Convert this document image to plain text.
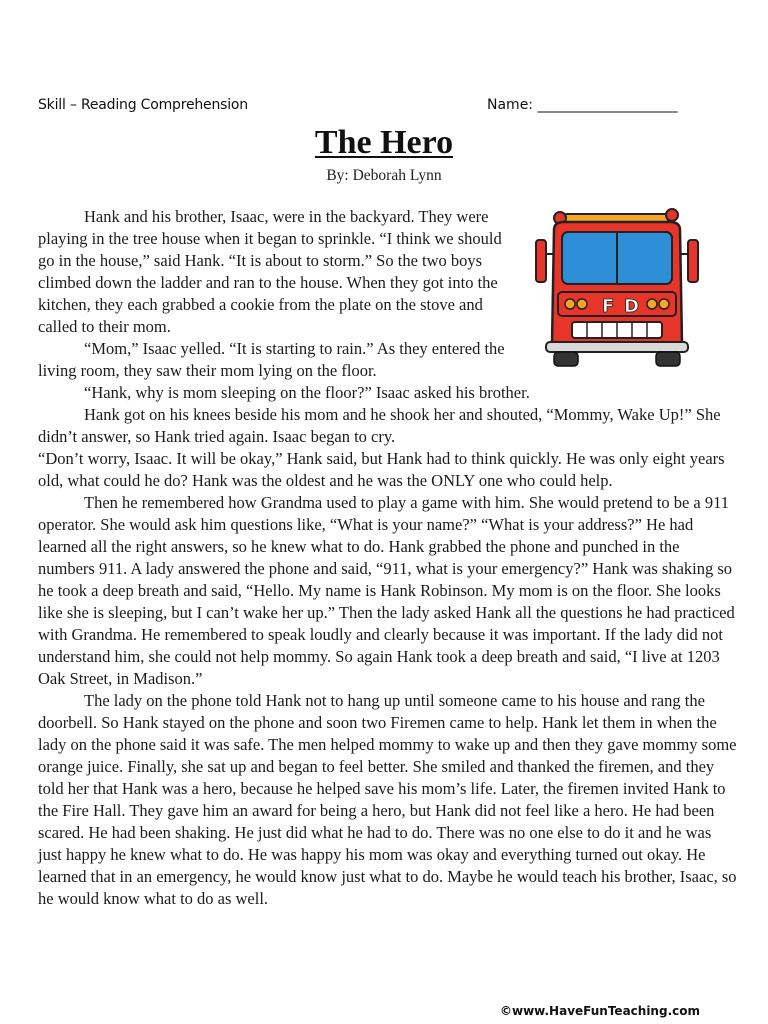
Skill – Reading Comprehension	Name: ____________________
The Hero
By: Deborah Lynn
F D

Hank and his brother, Isaac, were in the backyard. They were playing in the tree house when it began to sprinkle. “I think we should go in the house,” said Hank. “It is about to storm.” So the two boys climbed down the ladder and ran to the house. When they got into the kitchen, they each grabbed a cookie from the plate on the stove and called to their mom.

“Mom,” Isaac yelled. “It is starting to rain.” As they entered the living room, they saw their mom lying on the floor.

“Hank, why is mom sleeping on the floor?” Isaac asked his brother.

Hank got on his knees beside his mom and he shook her and shouted, “Mommy, Wake Up!” She didn’t answer, so Hank tried again. Isaac began to cry.

“Don’t worry, Isaac. It will be okay,” Hank said, but Hank had to think quickly. He was only eight years old, what could he do? Hank was the oldest and he was the ONLY one who could help.

Then he remembered how Grandma used to play a game with him. She would pretend to be a 911 operator. She would ask him questions like, “What is your name?” “What is your address?” He had learned all the right answers, so he knew what to do. Hank grabbed the phone and punched in the numbers 911. A lady answered the phone and said, “911, what is your emergency?” Hank was shaking so he took a deep breath and said, “Hello. My name is Hank Robinson. My mom is on the floor. She looks like she is sleeping, but I can’t wake her up.” Then the lady asked Hank all the questions he had practiced with Grandma. He remembered to speak loudly and clearly because it was important. If the lady did not understand him, she could not help mommy. So again Hank took a deep breath and said, “I live at 1203 Oak Street, in Madison.”

The lady on the phone told Hank not to hang up until someone came to his house and rang the doorbell. So Hank stayed on the phone and soon two Firemen came to help. Hank let them in when the lady on the phone said it was safe. The men helped mommy to wake up and then they gave mommy some orange juice. Finally, she sat up and began to feel better. She smiled and thanked the firemen, and they told her that Hank was a hero, because he helped save his mom’s life. Later, the firemen invited Hank to the Fire Hall. They gave him an award for being a hero, but Hank did not feel like a hero. He had been scared. He had been shaking. He just did what he had to do. There was no one else to do it and he was just happy he knew what to do. He was happy his mom was okay and everything turned out okay. He learned that in an emergency, he would know just what to do. Maybe he would teach his brother, Isaac, so he would know what to do as well.

©www.HaveFunTeaching.com
